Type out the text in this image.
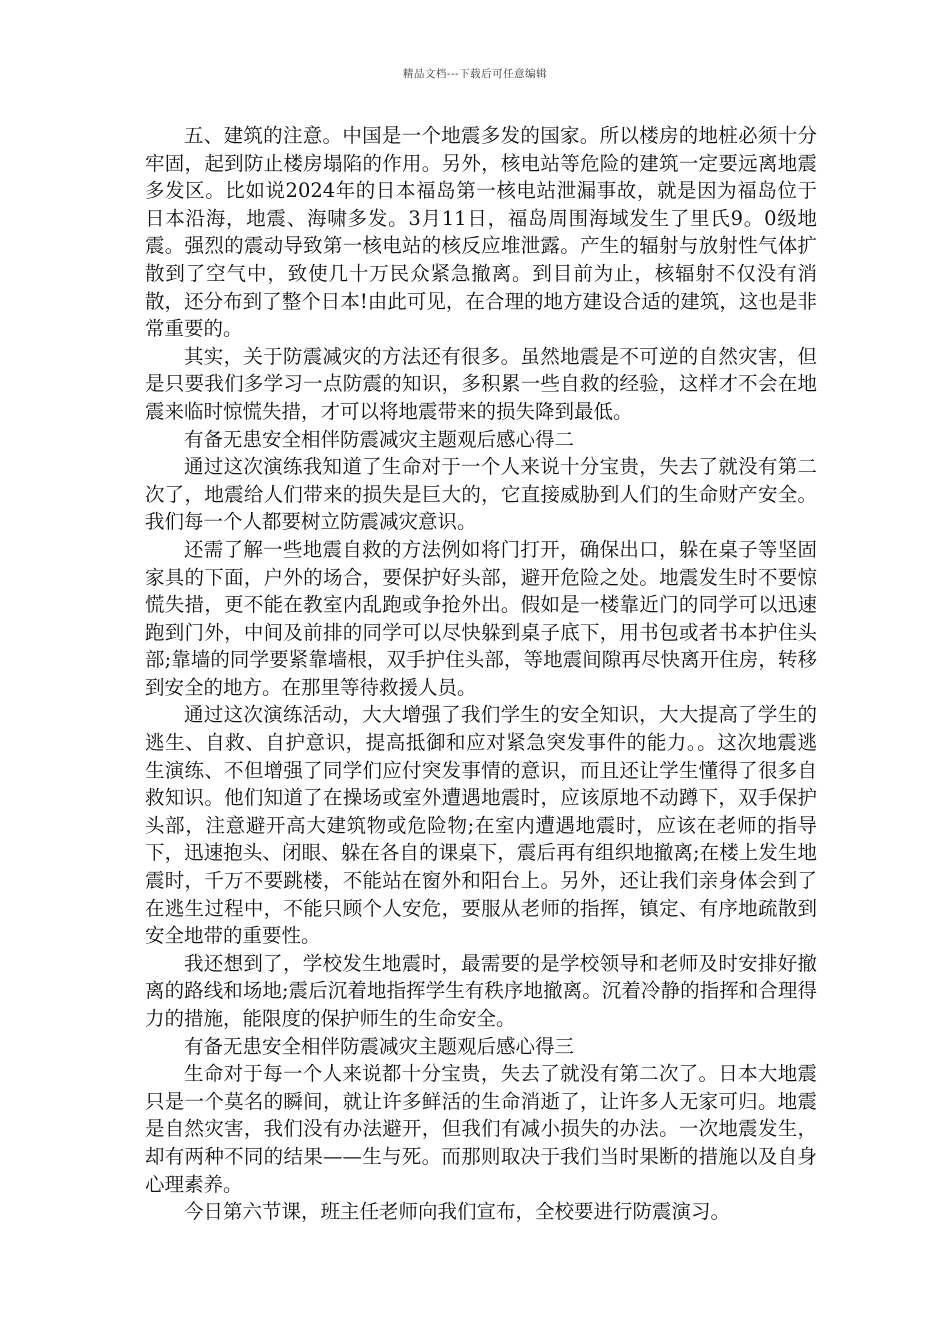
精品文档---下载后可任意编辑

五、建筑的注意。中国是一个地震多发的国家。所以楼房的地桩必须十分牢固，起到防止楼房塌陷的作用。另外，核电站等危险的建筑一定要远离地震多发区。比如说2024年的日本福岛第一核电站泄漏事故，就是因为福岛位于日本沿海，地震、海啸多发。3月11日，福岛周围海域发生了里氏9。0级地震。强烈的震动导致第一核电站的核反应堆泄露。产生的辐射与放射性气体扩散到了空气中，致使几十万民众紧急撤离。到目前为止，核辐射不仅没有消散，还分布到了整个日本!由此可见，在合理的地方建设合适的建筑，这也是非常重要的。

其实，关于防震减灾的方法还有很多。虽然地震是不可逆的自然灾害，但是只要我们多学习一点防震的知识，多积累一些自救的经验，这样才不会在地震来临时惊慌失措，才可以将地震带来的损失降到最低。

有备无患安全相伴防震减灾主题观后感心得二

通过这次演练我知道了生命对于一个人来说十分宝贵，失去了就没有第二次了，地震给人们带来的损失是巨大的，它直接威胁到人们的生命财产安全。我们每一个人都要树立防震减灾意识。

还需了解一些地震自救的方法例如将门打开，确保出口，躲在桌子等坚固家具的下面，户外的场合，要保护好头部，避开危险之处。地震发生时不要惊慌失措，更不能在教室内乱跑或争抢外出。假如是一楼靠近门的同学可以迅速跑到门外，中间及前排的同学可以尽快躲到桌子底下，用书包或者书本护住头部;靠墙的同学要紧靠墙根，双手护住头部，等地震间隙再尽快离开住房，转移到安全的地方。在那里等待救援人员。

通过这次演练活动，大大增强了我们学生的安全知识，大大提高了学生的逃生、自救、自护意识，提高抵御和应对紧急突发事件的能力。。这次地震逃生演练、不但增强了同学们应付突发事情的意识，而且还让学生懂得了很多自救知识。他们知道了在操场或室外遭遇地震时，应该原地不动蹲下，双手保护头部，注意避开高大建筑物或危险物;在室内遭遇地震时，应该在老师的指导下，迅速抱头、闭眼、躲在各自的课桌下，震后再有组织地撤离;在楼上发生地震时，千万不要跳楼，不能站在窗外和阳台上。另外，还让我们亲身体会到了在逃生过程中，不能只顾个人安危，要服从老师的指挥，镇定、有序地疏散到安全地带的重要性。

我还想到了，学校发生地震时，最需要的是学校领导和老师及时安排好撤离的路线和场地;震后沉着地指挥学生有秩序地撤离。沉着冷静的指挥和合理得力的措施，能限度的保护师生的生命安全。

有备无患安全相伴防震减灾主题观后感心得三

生命对于每一个人来说都十分宝贵，失去了就没有第二次了。日本大地震只是一个莫名的瞬间，就让许多鲜活的生命消逝了，让许多人无家可归。地震是自然灾害，我们没有办法避开，但我们有减小损失的办法。一次地震发生，却有两种不同的结果——生与死。而那则取决于我们当时果断的措施以及自身心理素养。

今日第六节课，班主任老师向我们宣布，全校要进行防震演习。
